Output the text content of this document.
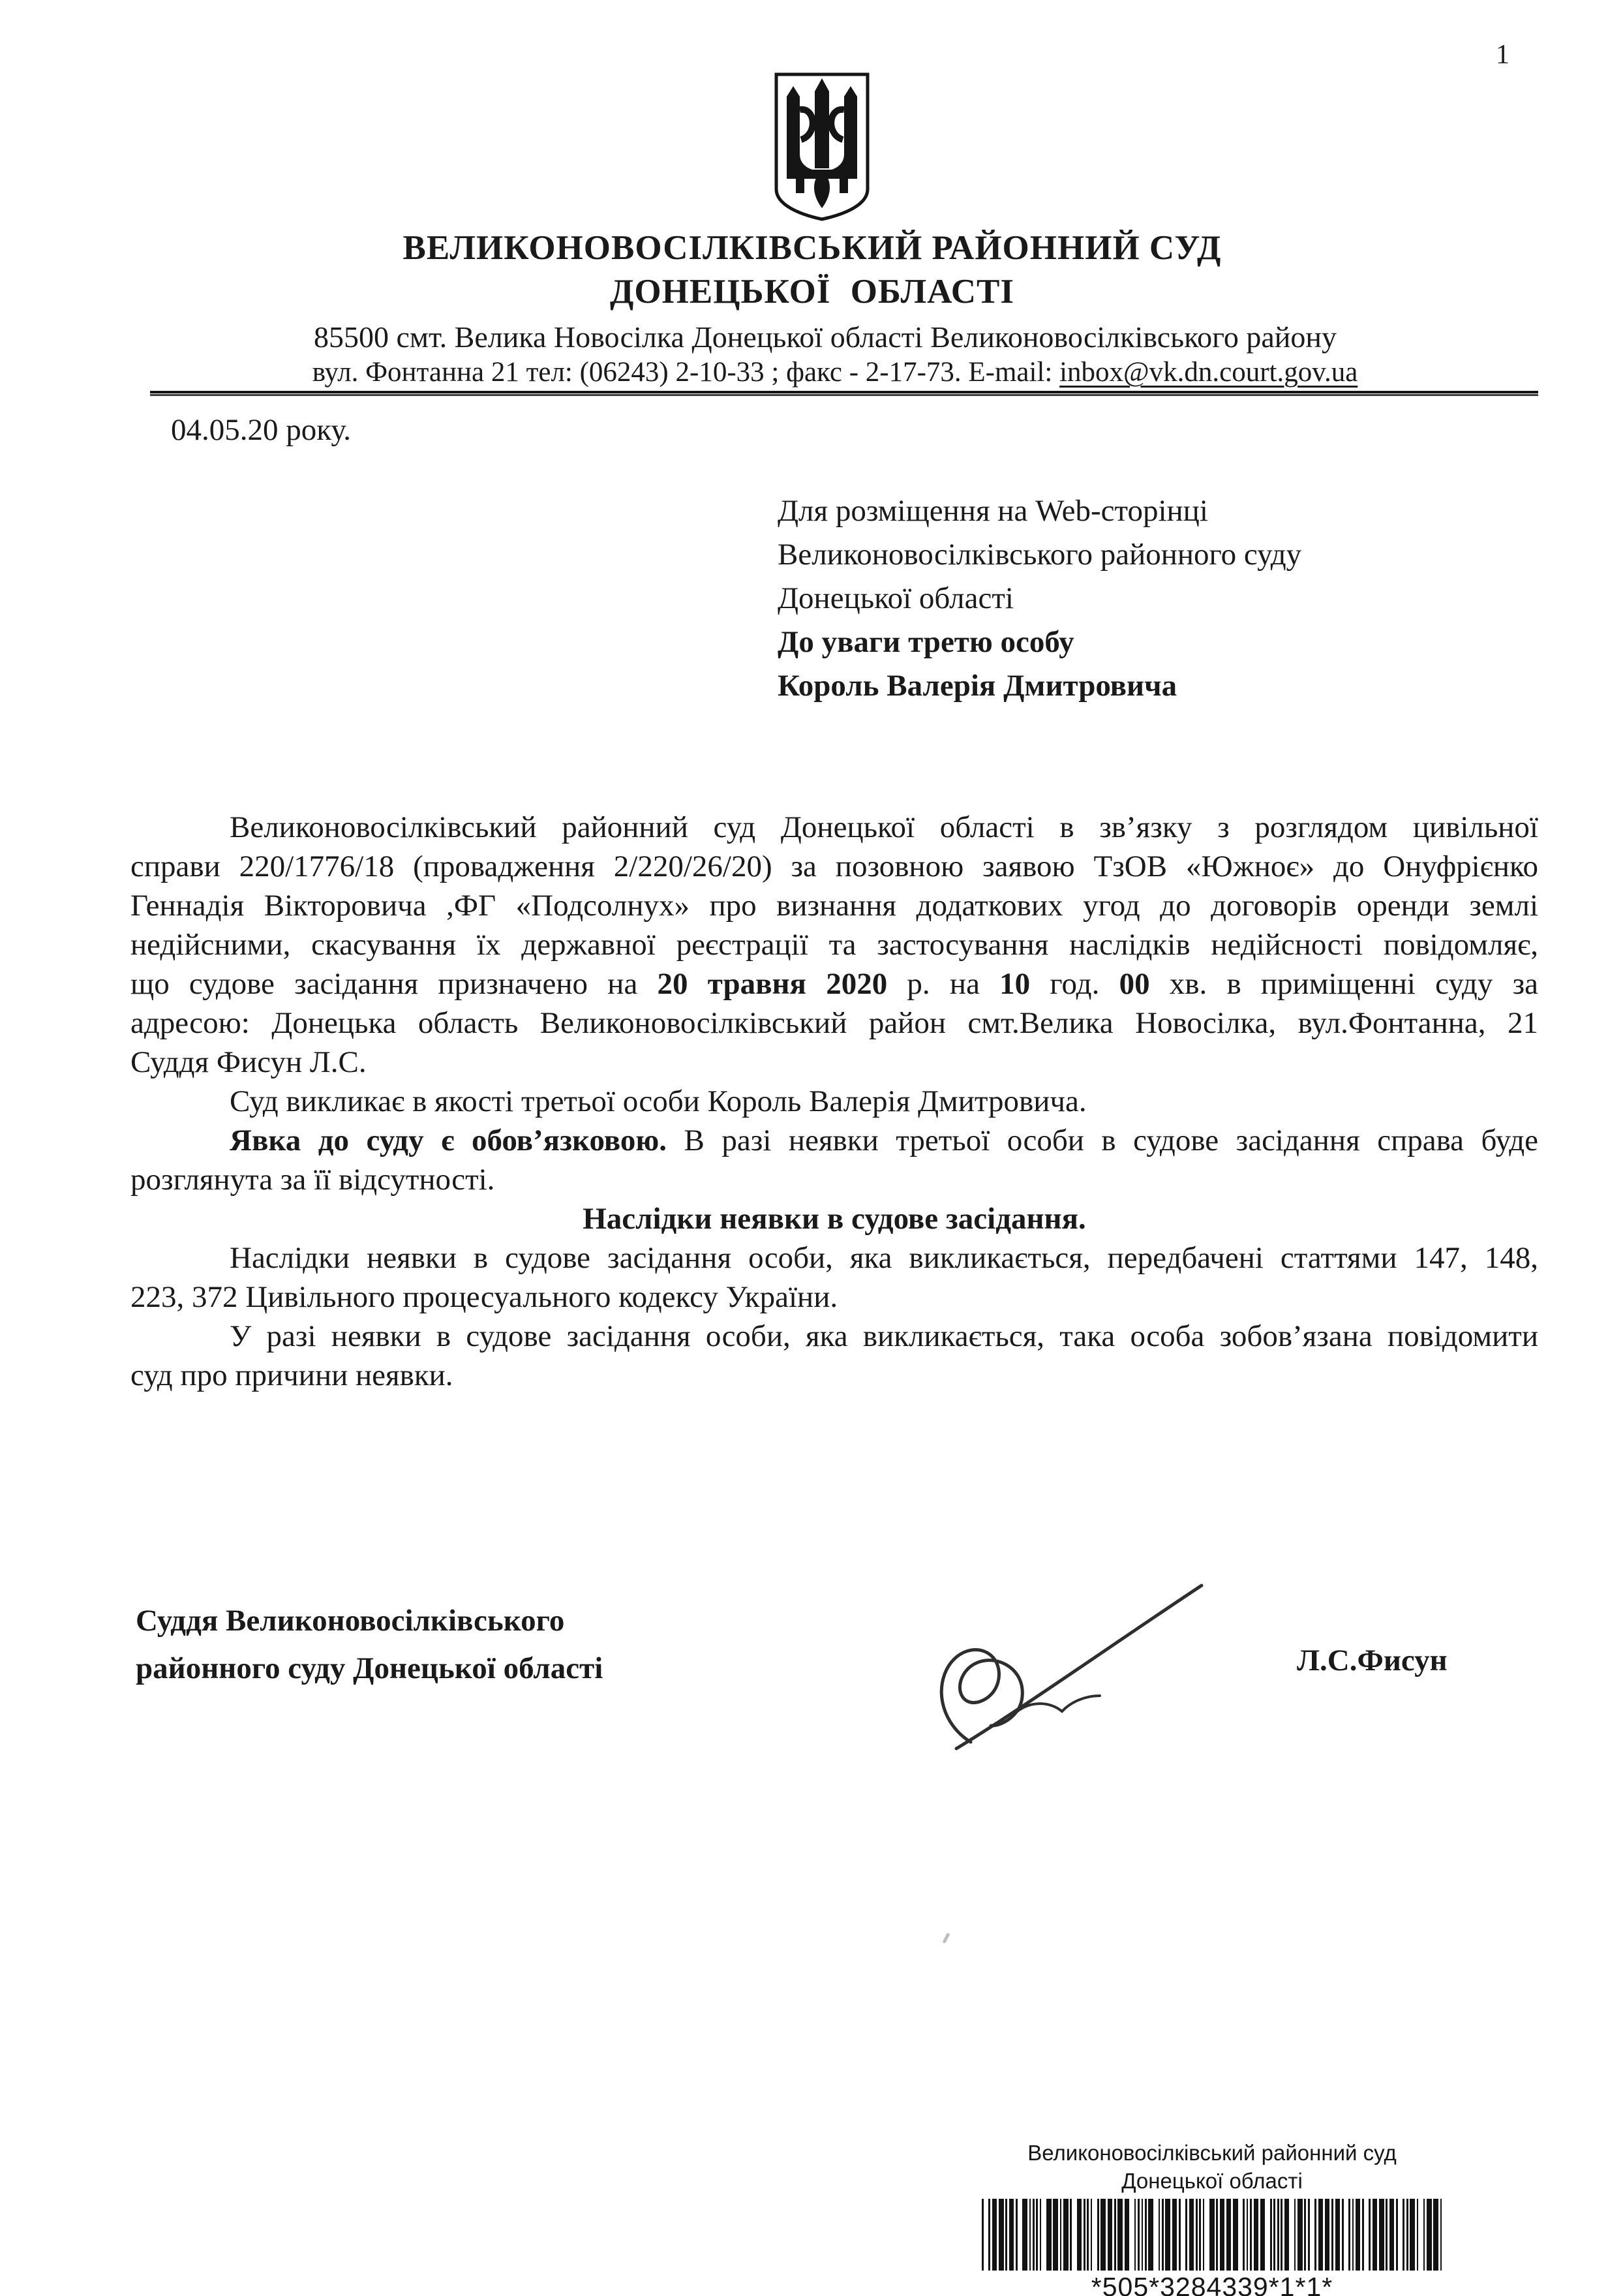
1
ВЕЛИКОНОВОСІЛКІВСЬКИЙ РАЙОННИЙ СУД
ДОНЕЦЬКОЇ ОБЛАСТІ
85500 смт. Велика Новосілка Донецької області Великоновосілківського району
вул. Фонтанна 21 тел: (06243) 2-10-33 ; факс - 2-17-73. E-mail: inbox@vk.dn.court.gov.ua
04.05.20 року.
Для розміщення на Web-сторінці
Великоновосілківського районного суду
Донецької області
До уваги третю особу
Король Валерія Дмитровича
Великоновосілківський районний суд Донецької області в зв’язку з розглядом цивільної
справи 220/1776/18 (провадження 2/220/26/20) за позовною заявою ТзОВ «Южноє» до Онуфрієнко
Геннадія Вікторовича ,ФГ «Подсолнух» про визнання додаткових угод до договорів оренди землі
недійсними, скасування їх державної реєстрації та застосування наслідків недійсності повідомляє,
що судове засідання призначено на 20 травня 2020 р. на 10 год. 00 хв. в приміщенні суду за
адресою: Донецька область Великоновосілківський район смт.Велика Новосілка, вул.Фонтанна, 21
Суддя Фисун Л.С.
Суд викликає в якості третьої особи Король Валерія Дмитровича.
Явка до суду є обов’язковою. В разі неявки третьої особи в судове засідання справа буде
розглянута за її відсутності.
Наслідки неявки в судове засідання.
Наслідки неявки в судове засідання особи, яка викликається, передбачені статтями 147, 148,
223, 372 Цивільного процесуального кодексу України.
У разі неявки в судове засідання особи, яка викликається, така особа зобов’язана повідомити
суд про причини неявки.
Суддя Великоновосілківського
районного суду Донецької області	Л.С.Фисун
Великоновосілківський районний суд
Донецької області
*505*3284339*1*1*
